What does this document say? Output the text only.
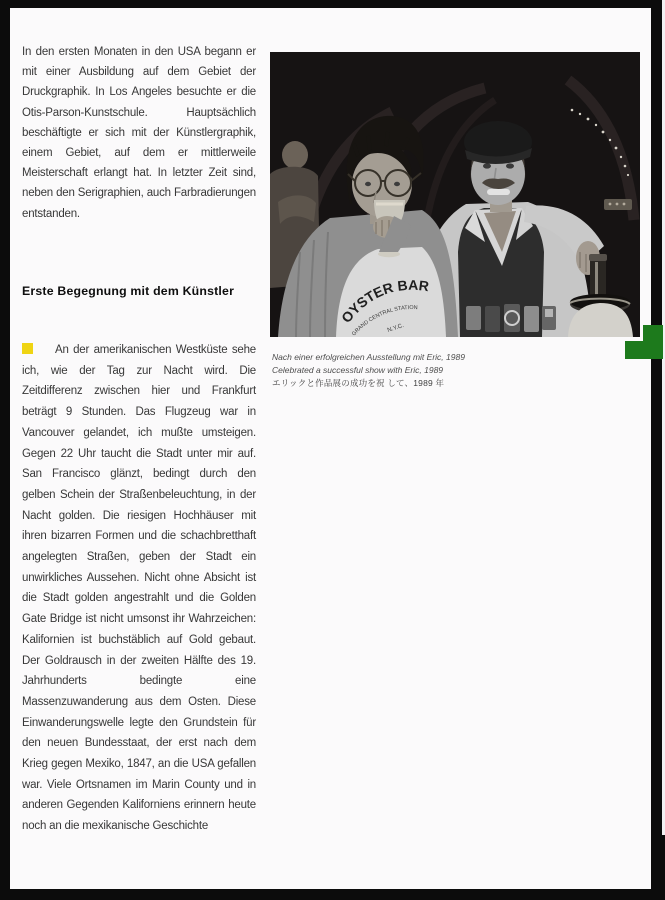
In den ersten Monaten in den USA begann er mit einer Ausbildung auf dem Gebiet der Druckgraphik. In Los Angeles besuchte er die Otis-Parson-Kunstschule. Hauptsächlich beschäftigte er sich mit der Künstlergraphik, einem Gebiet, auf dem er mittlerweile Meisterschaft erlangt hat. In letzter Zeit sind, neben den Serigraphien, auch Farbradierungen entstanden.

Erste Begegnung mit dem Künstler

An der amerikanischen Westküste sehe ich, wie der Tag zur Nacht wird. Die Zeitdifferenz zwischen hier und Frankfurt beträgt 9 Stunden. Das Flugzeug war in Vancouver gelandet, ich mußte umsteigen. Gegen 22 Uhr taucht die Stadt unter mir auf. San Francisco glänzt, bedingt durch den gelben Schein der Straßenbeleuchtung, in der Nacht golden. Die riesigen Hochhäuser mit ihren bizarren Formen und die schachbretthaft angelegten Straßen, geben der Stadt ein unwirkliches Aussehen. Nicht ohne Absicht ist die Stadt golden angestrahlt und die Golden Gate Bridge ist nicht umsonst ihr Wahrzeichen: Kalifornien ist buchstäblich auf Gold gebaut. Der Goldrausch in der zweiten Hälfte des 19. Jahrhunderts bedingte eine Massenzuwanderung aus dem Osten. Diese Einwanderungswelle legte den Grundstein für den neuen Bundesstaat, der erst nach dem Krieg gegen Mexiko, 1847, an die USA gefallen war. Viele Ortsnamen im Marin County und in anderen Gegenden Kaliforniens erinnern heute noch an die mexikanische Geschichte

OYSTER BAR
GRAND CENTRAL STATION
N.Y.C.
Nach einer erfolgreichen Ausstellung mit Eric, 1989
Celebrated a successful show with Eric, 1989
エリックと作品展の成功を祝 して、1989 年
